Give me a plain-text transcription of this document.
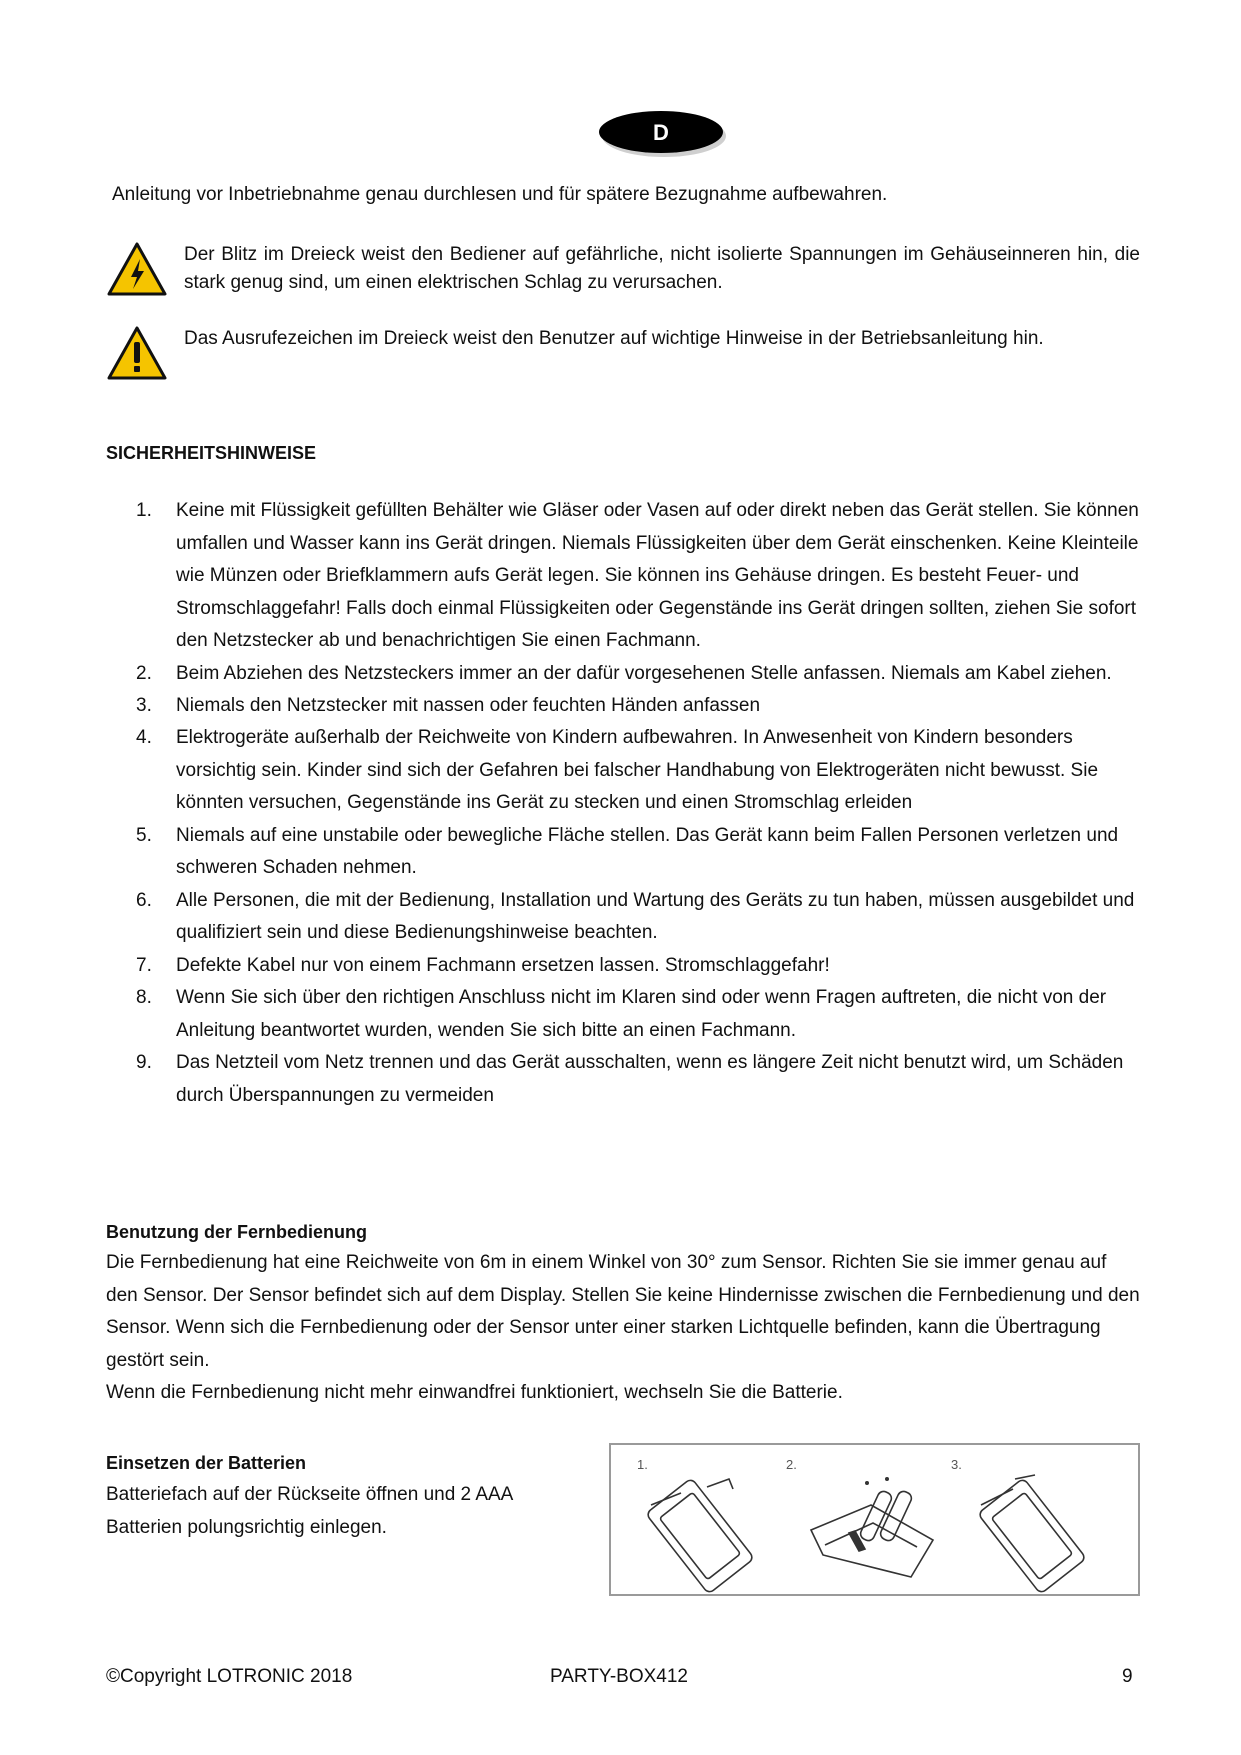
D
Anleitung vor Inbetriebnahme genau durchlesen und für spätere Bezugnahme aufbewahren.
Der Blitz im Dreieck weist den Bediener auf gefährliche, nicht isolierte Spannungen im Gehäuseinneren hin, die stark genug sind, um einen elektrischen Schlag zu verursachen.
Das Ausrufezeichen im Dreieck weist den Benutzer auf wichtige Hinweise in der Betriebsanleitung hin.
SICHERHEITSHINWEISE
1. Keine mit Flüssigkeit gefüllten Behälter wie Gläser oder Vasen auf oder direkt neben das Gerät stellen. Sie können umfallen und Wasser kann ins Gerät dringen. Niemals Flüssigkeiten über dem Gerät einschenken. Keine Kleinteile wie Münzen oder Briefklammern aufs Gerät legen. Sie können ins Gehäuse dringen. Es besteht Feuer- und Stromschlaggefahr! Falls doch einmal Flüssigkeiten oder Gegenstände ins Gerät dringen sollten, ziehen Sie sofort den Netzstecker ab und benachrichtigen Sie einen Fachmann.
2. Beim Abziehen des Netzsteckers immer an der dafür vorgesehenen Stelle anfassen. Niemals am Kabel ziehen.
3. Niemals den Netzstecker mit nassen oder feuchten Händen anfassen
4. Elektrogeräte außerhalb der Reichweite von Kindern aufbewahren. In Anwesenheit von Kindern besonders vorsichtig sein. Kinder sind sich der Gefahren bei falscher Handhabung von Elektrogeräten nicht bewusst. Sie könnten versuchen, Gegenstände ins Gerät zu stecken und einen Stromschlag erleiden
5. Niemals auf eine unstabile oder bewegliche Fläche stellen. Das Gerät kann beim Fallen Personen verletzen und schweren Schaden nehmen.
6. Alle Personen, die mit der Bedienung, Installation und Wartung des Geräts zu tun haben, müssen ausgebildet und qualifiziert sein und diese Bedienungshinweise beachten.
7. Defekte Kabel nur von einem Fachmann ersetzen lassen. Stromschlaggefahr!
8. Wenn Sie sich über den richtigen Anschluss nicht im Klaren sind oder wenn Fragen auftreten, die nicht von der Anleitung beantwortet wurden, wenden Sie sich bitte an einen Fachmann.
9. Das Netzteil vom Netz trennen und das Gerät ausschalten, wenn es längere Zeit nicht benutzt wird, um Schäden durch Überspannungen zu vermeiden
Benutzung der Fernbedienung
Die Fernbedienung hat eine Reichweite von 6m in einem Winkel von 30° zum Sensor. Richten Sie sie immer genau auf den Sensor. Der Sensor befindet sich auf dem Display. Stellen Sie keine Hindernisse zwischen die Fernbedienung und den Sensor. Wenn sich die Fernbedienung oder der Sensor unter einer starken Lichtquelle befinden, kann die Übertragung gestört sein.
Wenn die Fernbedienung nicht mehr einwandfrei funktioniert, wechseln Sie die Batterie.
Einsetzen der Batterien
Batteriefach auf der Rückseite öffnen und 2 AAA Batterien polungsrichtig einlegen.
1.	2.	3.
©Copyright LOTRONIC 2018	PARTY-BOX412	9
